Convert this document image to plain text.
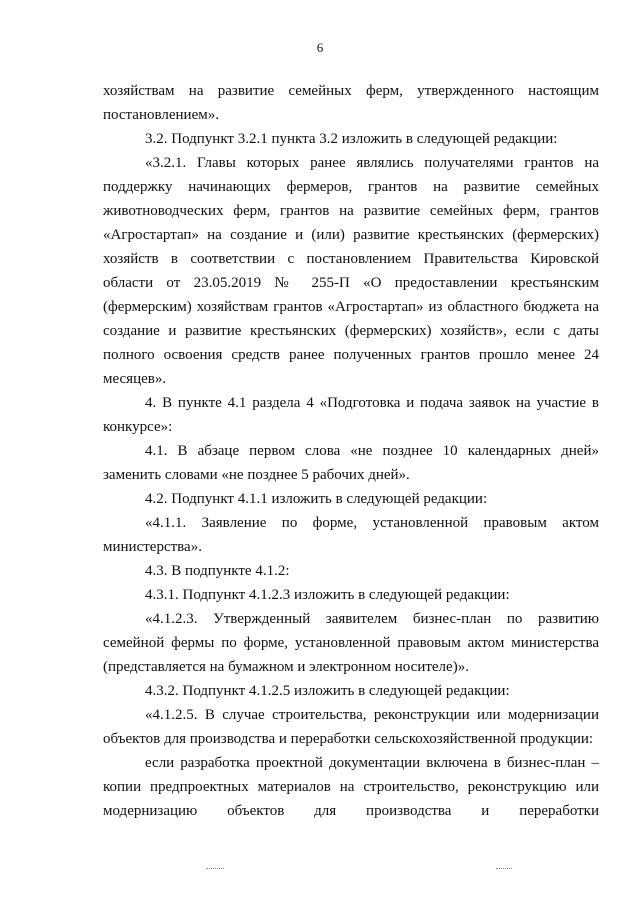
6

хозяйствам на развитие семейных ферм, утвержденного настоящим постановлением».

3.2. Подпункт 3.2.1 пункта 3.2 изложить в следующей редакции:

«3.2.1. Главы которых ранее являлись получателями грантов на поддержку начинающих фермеров, грантов на развитие семейных животноводческих ферм, грантов на развитие семейных ферм, грантов «Агростартап» на создание и (или) развитие крестьянских (фермерских) хозяйств в соответствии с постановлением Правительства Кировской области от 23.05.2019 № 255-П «О предоставлении крестьянским (фермерским) хозяйствам грантов «Агростартап» из областного бюджета на создание и развитие крестьянских (фермерских) хозяйств», если с даты полного освоения средств ранее полученных грантов прошло менее 24 месяцев».

4. В пункте 4.1 раздела 4 «Подготовка и подача заявок на участие в конкурсе»:

4.1. В абзаце первом слова «не позднее 10 календарных дней» заменить словами «не позднее 5 рабочих дней».

4.2. Подпункт 4.1.1 изложить в следующей редакции:

«4.1.1. Заявление по форме, установленной правовым актом министерства».

4.3. В подпункте 4.1.2:

4.3.1. Подпункт 4.1.2.3 изложить в следующей редакции:

«4.1.2.3. Утвержденный заявителем бизнес-план по развитию семейной фермы по форме, установленной правовым актом министерства (представляется на бумажном и электронном носителе)».

4.3.2. Подпункт 4.1.2.5 изложить в следующей редакции:

«4.1.2.5. В случае строительства, реконструкции или модернизации объектов для производства и переработки сельскохозяйственной продукции:

если разработка проектной документации включена в бизнес-план – копии предпроектных материалов на строительство, реконструкцию или модернизацию объектов для производства и переработки
